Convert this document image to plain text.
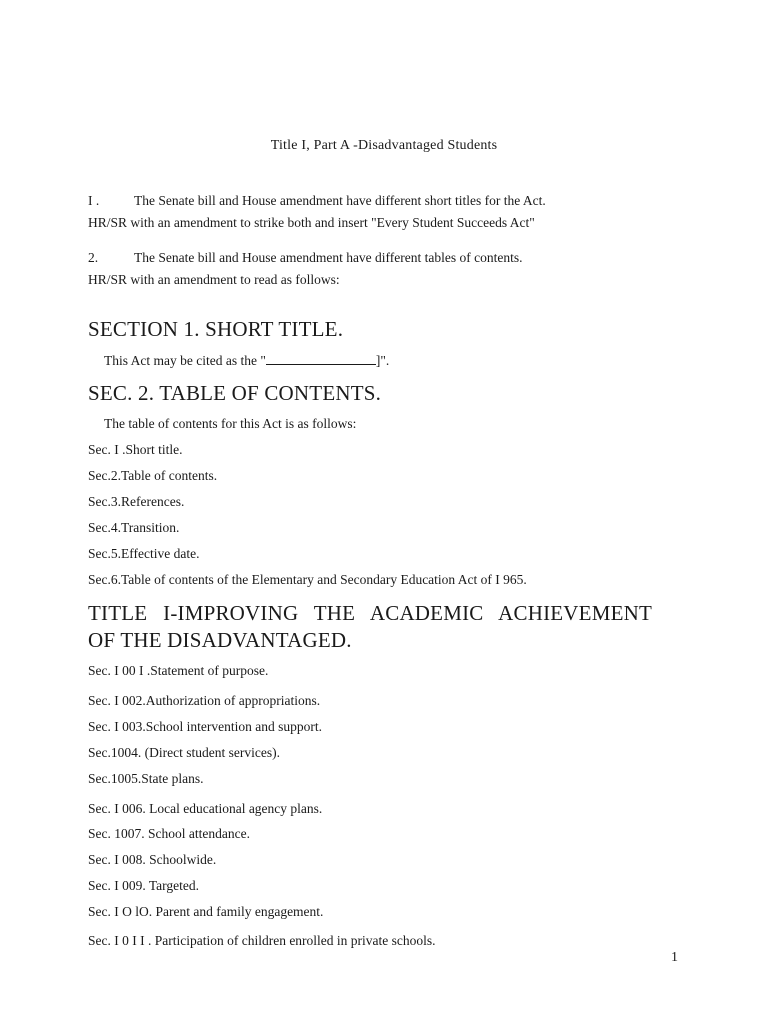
Title I, Part A -Disadvantaged Students
I .	The Senate bill and House amendment have different short titles for the Act.
HR/SR with an amendment to strike both and insert "Every Student Succeeds Act"
2.	The Senate bill and House amendment have different tables of contents.
HR/SR with an amendment to read as follows:
SECTION 1. SHORT TITLE.
This Act may be cited as the "	]".
SEC. 2. TABLE OF CONTENTS.
The table of contents for this Act is as follows:
Sec. I .Short title.
Sec.2.Table of contents.
Sec.3.References.
Sec.4.Transition.
Sec.5.Effective date.
Sec.6.Table of contents of the Elementary and Secondary Education Act of I 965.
TITLE I-IMPROVING THE ACADEMIC ACHIEVEMENT
OF THE DISADVANTAGED.
Sec. I 00 I .Statement of purpose.
Sec. I 002.Authorization of appropriations.
Sec. I 003.School intervention and support.
Sec.1004. (Direct student services).
Sec.1005.State plans.
Sec. I 006. Local educational agency plans.
Sec. 1007. School attendance.
Sec. I 008. Schoolwide.
Sec. I 009. Targeted.
Sec. I O lO. Parent and family engagement.
Sec. I 0 I I . Participation of children enrolled in private schools.
1
